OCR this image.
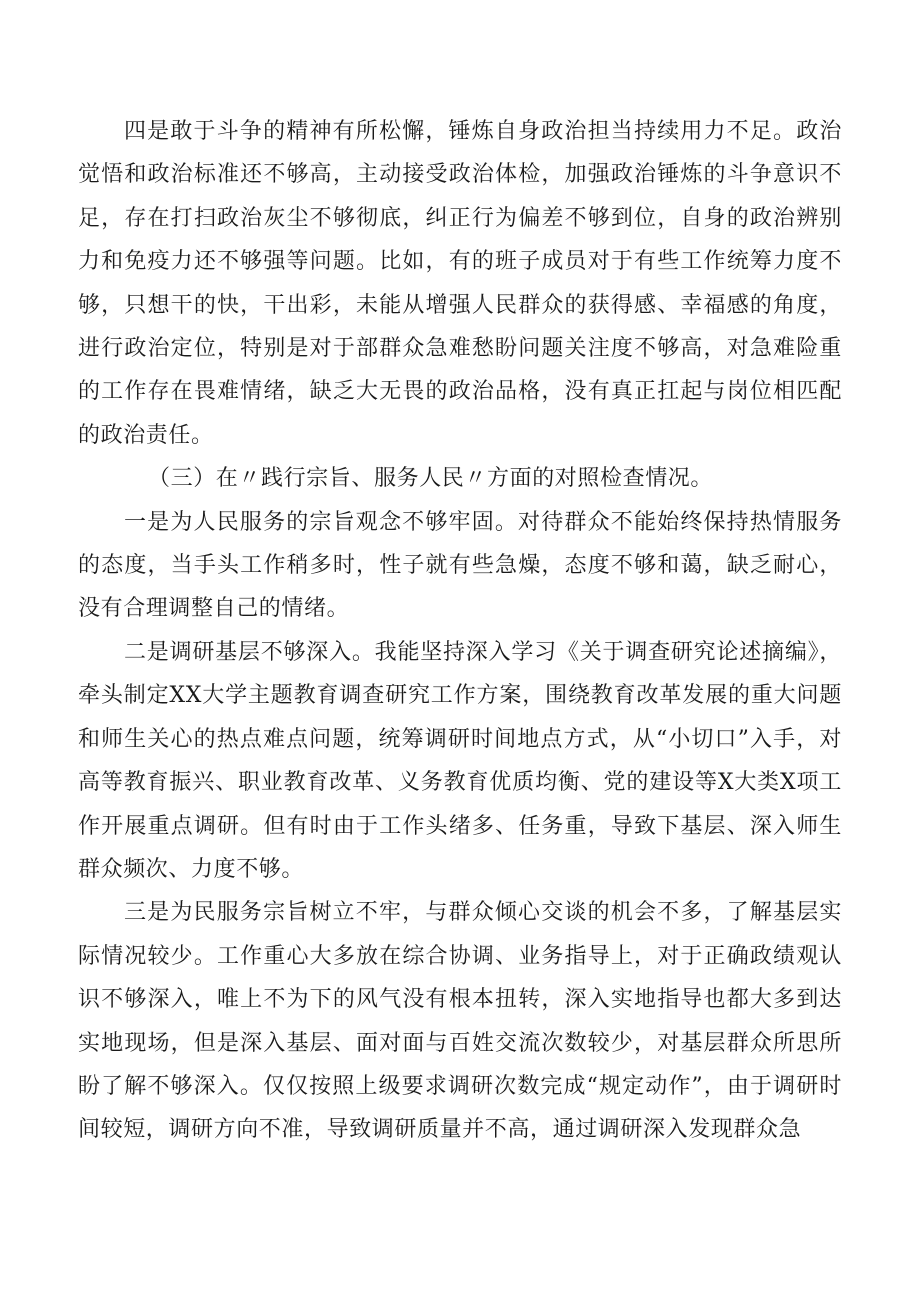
四是敢于斗争的精神有所松懈，锤炼自身政治担当持续用力不足。政治觉悟和政治标准还不够高，主动接受政治体检，加强政治锤炼的斗争意识不足，存在打扫政治灰尘不够彻底，纠正行为偏差不够到位，自身的政治辨别力和免疫力还不够强等问题。比如，有的班子成员对于有些工作统筹力度不够，只想干的快，干出彩，未能从增强人民群众的获得感、幸福感的角度，进行政治定位，特别是对于部群众急难愁盼问题关注度不够高，对急难险重的工作存在畏难情绪，缺乏大无畏的政治品格，没有真正扛起与岗位相匹配的政治责任。

（三）在〃践行宗旨、服务人民〃方面的对照检查情况。

一是为人民服务的宗旨观念不够牢固。对待群众不能始终保持热情服务的态度，当手头工作稍多时，性子就有些急燥，态度不够和蔼，缺乏耐心，没有合理调整自己的情绪。

二是调研基层不够深入。我能坚持深入学习《关于调查研究论述摘编》，牵头制定XX大学主题教育调查研究工作方案，围绕教育改革发展的重大问题和师生关心的热点难点问题，统筹调研时间地点方式，从“小切口”入手，对高等教育振兴、职业教育改革、义务教育优质均衡、党的建设等X大类X项工作开展重点调研。但有时由于工作头绪多、任务重，导致下基层、深入师生群众频次、力度不够。

三是为民服务宗旨树立不牢，与群众倾心交谈的机会不多，了解基层实际情况较少。工作重心大多放在综合协调、业务指导上，对于正确政绩观认识不够深入，唯上不为下的风气没有根本扭转，深入实地指导也都大多到达实地现场，但是深入基层、面对面与百姓交流次数较少，对基层群众所思所盼了解不够深入。仅仅按照上级要求调研次数完成“规定动作”，由于调研时间较短，调研方向不准，导致调研质量并不高，通过调研深入发现群众急
